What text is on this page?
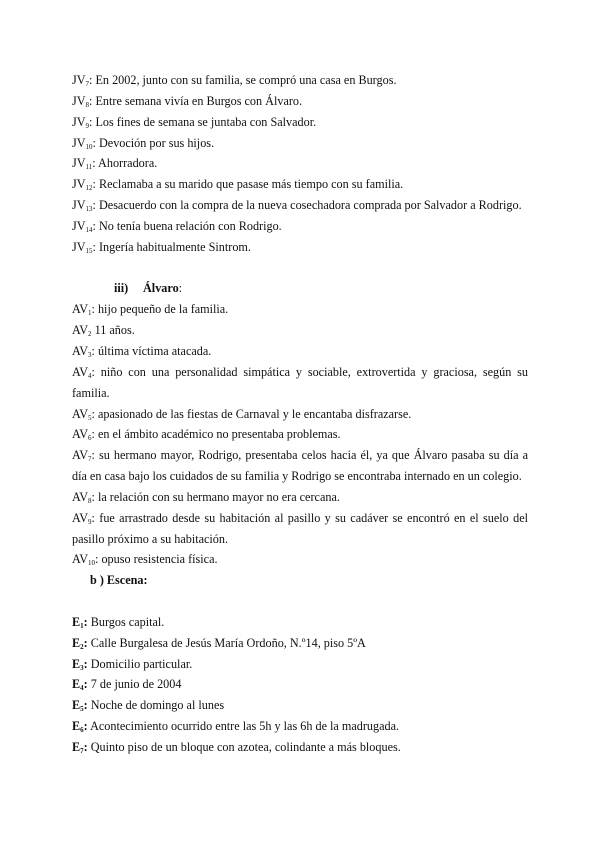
$JV_7$: En 2002, junto con su familia, se compró una casa en Burgos.

$JV_8$: Entre semana vivía en Burgos con Álvaro.

$JV_9$: Los fines de semana se juntaba con Salvador.

$JV_{10}$: Devoción por sus hijos.

$JV_{11}$: Ahorradora.

$JV_{12}$: Reclamaba a su marido que pasase más tiempo con su familia.

$JV_{13}$: Desacuerdo con la compra de la nueva cosechadora comprada por Salvador a Rodrigo.

$JV_{14}$: No tenía buena relación con Rodrigo.

$JV_{15}$: Ingería habitualmente Sintrom.

iii) Álvaro:

$AV_1$: hijo pequeño de la familia.

$AV_2$ 11 años.

$AV_3$: última víctima atacada.

$AV_4$: niño con una personalidad simpática y sociable, extrovertida y graciosa, según su familia.

$AV_5$: apasionado de las fiestas de Carnaval y le encantaba disfrazarse.

$AV_6$: en el ámbito académico no presentaba problemas.

$AV_7$: su hermano mayor, Rodrigo, presentaba celos hacia él, ya que Álvaro pasaba su día a día en casa bajo los cuidados de su familia y Rodrigo se encontraba internado en un colegio.

$AV_8$: la relación con su hermano mayor no era cercana.

$AV_9$: fue arrastrado desde su habitación al pasillo y su cadáver se encontró en el suelo del pasillo próximo a su habitación.

$AV_{10}$: opuso resistencia física.

b ) Escena:

$E_1$: Burgos capital.

$E_2$: Calle Burgalesa de Jesús María Ordoño, N.º14, piso 5ºA

$E_3$: Domicilio particular.

$E_4$: 7 de junio de 2004

$E_5$: Noche de domingo al lunes

$E_6$: Acontecimiento ocurrido entre las 5h y las 6h de la madrugada.

$E_7$: Quinto piso de un bloque con azotea, colindante a más bloques.
